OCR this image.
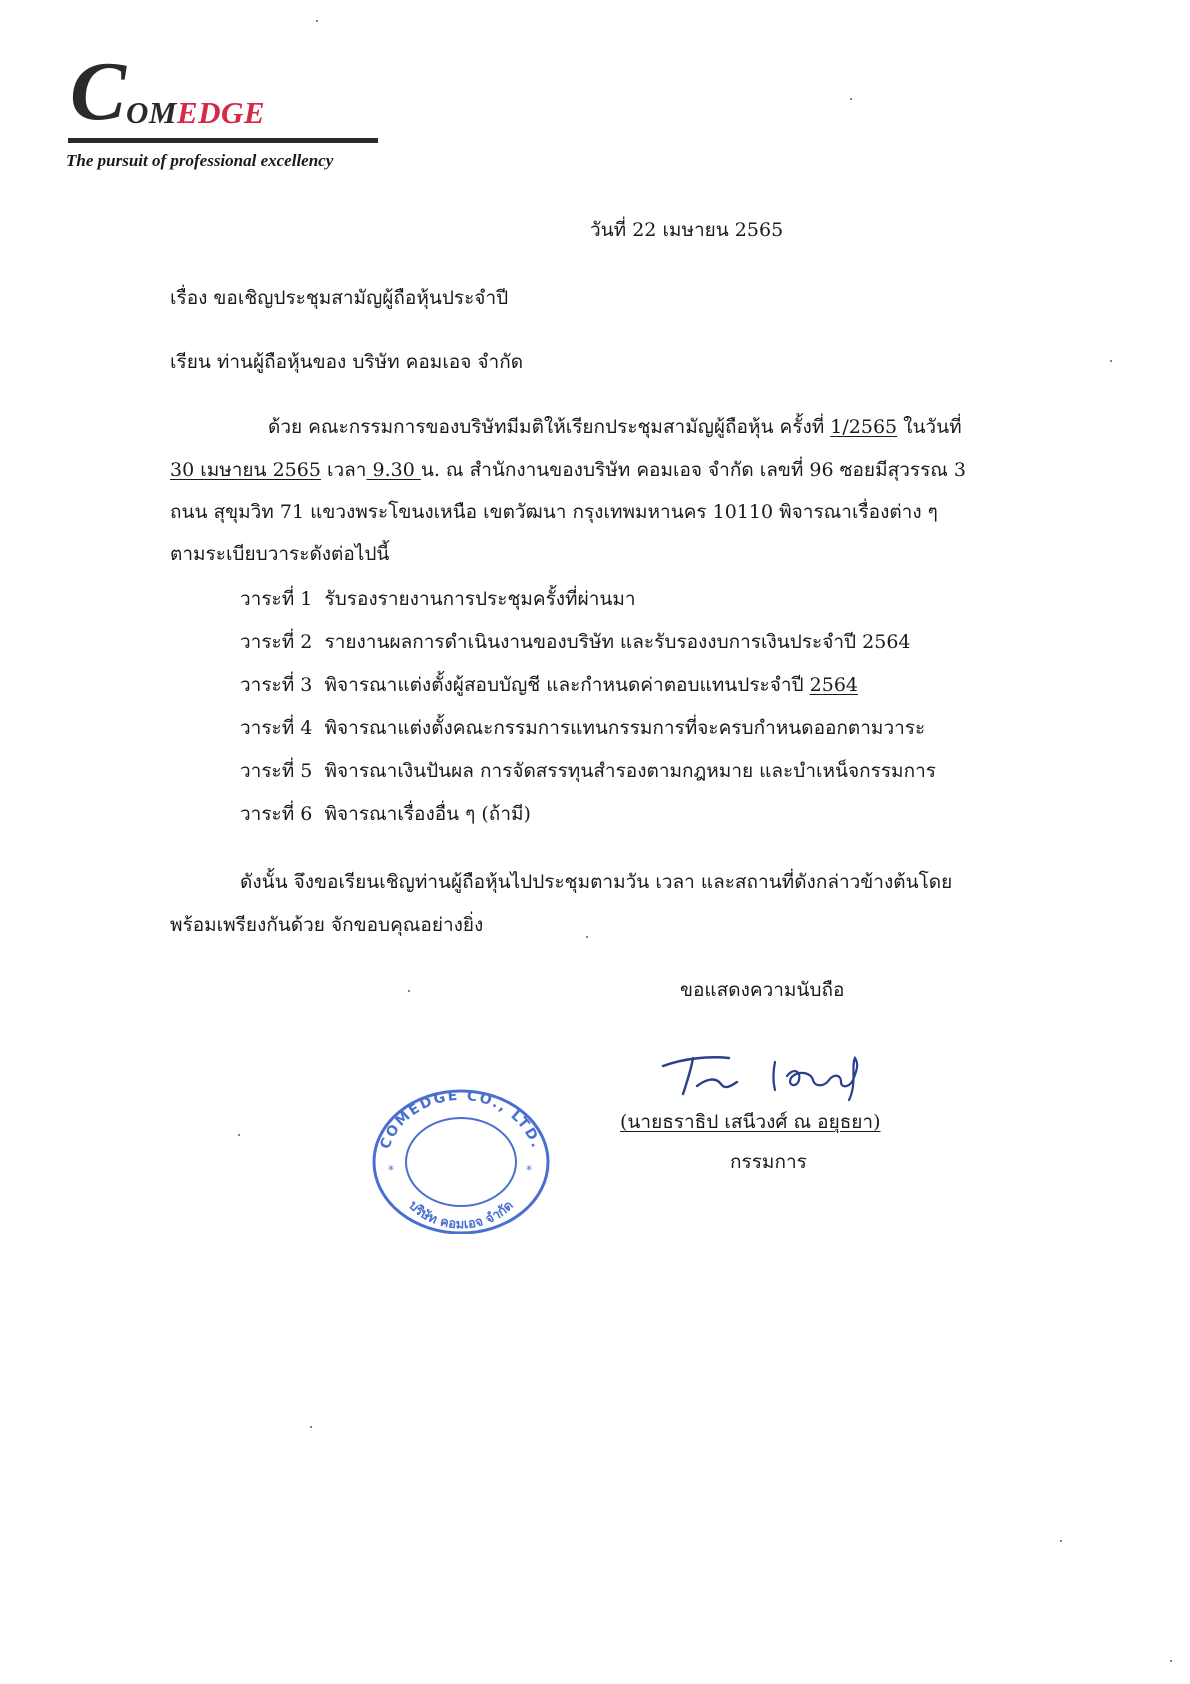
C OMEDGE
The pursuit of professional excellency
วันที่ 22 เมษายน 2565
เรื่อง ขอเชิญประชุมสามัญผู้ถือหุ้นประจำปี
เรียน ท่านผู้ถือหุ้นของ บริษัท คอมเอจ จำกัด
ด้วย คณะกรรมการของบริษัทมีมติให้เรียกประชุมสามัญผู้ถือหุ้น ครั้งที่ 1/2565 ในวันที่
30 เมษายน 2565 เวลา 9.30 น. ณ สำนักงานของบริษัท คอมเอจ จำกัด เลขที่ 96 ซอยมีสุวรรณ 3
ถนน สุขุมวิท 71 แขวงพระโขนงเหนือ เขตวัฒนา กรุงเทพมหานคร 10110 พิจารณาเรื่องต่าง ๆ
ตามระเบียบวาระดังต่อไปนี้
วาระที่ 1 รับรองรายงานการประชุมครั้งที่ผ่านมา
วาระที่ 2 รายงานผลการดำเนินงานของบริษัท และรับรองงบการเงินประจำปี 2564
วาระที่ 3 พิจารณาแต่งตั้งผู้สอบบัญชี และกำหนดค่าตอบแทนประจำปี 2564
วาระที่ 4 พิจารณาแต่งตั้งคณะกรรมการแทนกรรมการที่จะครบกำหนดออกตามวาระ
วาระที่ 5 พิจารณาเงินปันผล การจัดสรรทุนสำรองตามกฎหมาย และบำเหน็จกรรมการ
วาระที่ 6 พิจารณาเรื่องอื่น ๆ (ถ้ามี)
ดังนั้น จึงขอเรียนเชิญท่านผู้ถือหุ้นไปประชุมตามวัน เวลา และสถานที่ดังกล่าวข้างต้นโดย
พร้อมเพรียงกันด้วย จักขอบคุณอย่างยิ่ง
ขอแสดงความนับถือ
(นายธราธิป เสนีวงศ์ ณ อยุธยา)
กรรมการ
COMEDGE CO., LTD.
บริษัท คอมเอจ จำกัด
*	*
